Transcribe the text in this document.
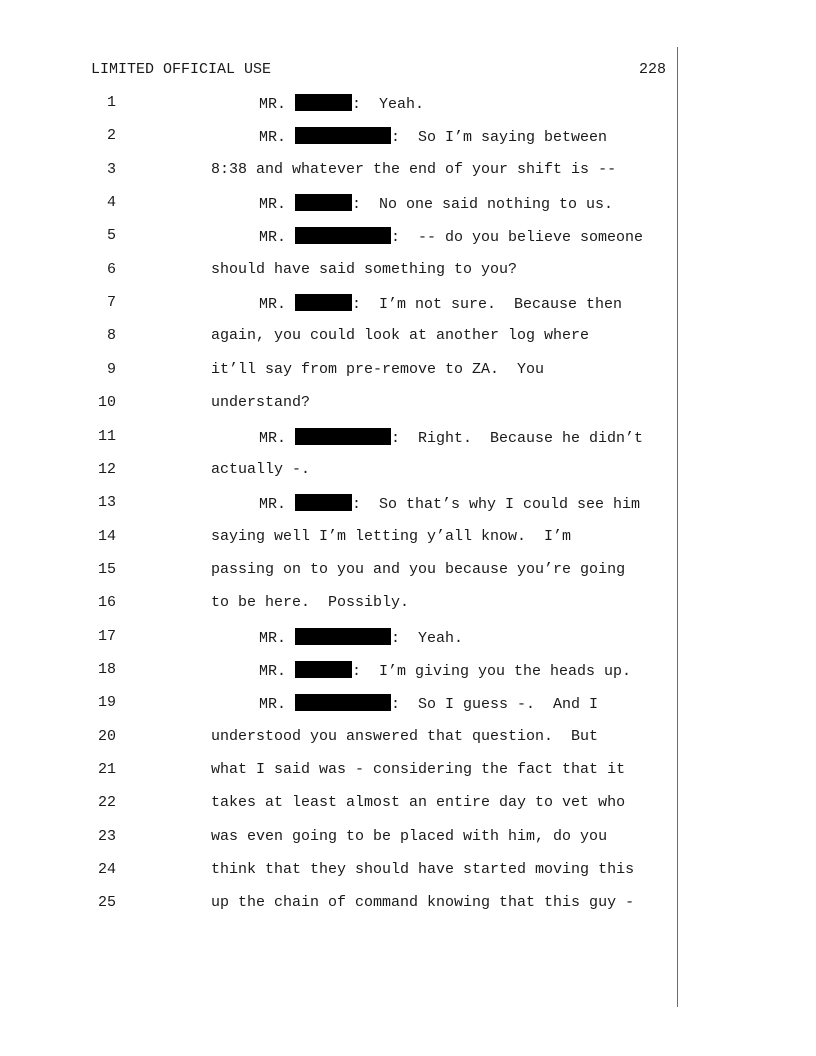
LIMITED OFFICIAL USE	228
1	MR.	:  Yeah.
2	MR.	:  So I’m saying between
3	8:38 and whatever the end of your shift is --
4	MR.	:  No one said nothing to us.
5	MR.	:  -- do you believe someone
6	should have said something to you?
7	MR.	:  I’m not sure.  Because then
8	again, you could look at another log where
9	it’ll say from pre-remove to ZA.  You
10	understand?
11	MR.	:  Right.  Because he didn’t
12	actually -.
13	MR.	:  So that’s why I could see him
14	saying well I’m letting y’all know.  I’m
15	passing on to you and you because you’re going
16	to be here.  Possibly.
17	MR.	:  Yeah.
18	MR.	:  I’m giving you the heads up.
19	MR.	:  So I guess -.  And I
20	understood you answered that question.  But
21	what I said was - considering the fact that it
22	takes at least almost an entire day to vet who
23	was even going to be placed with him, do you
24	think that they should have started moving this
25	up the chain of command knowing that this guy -
